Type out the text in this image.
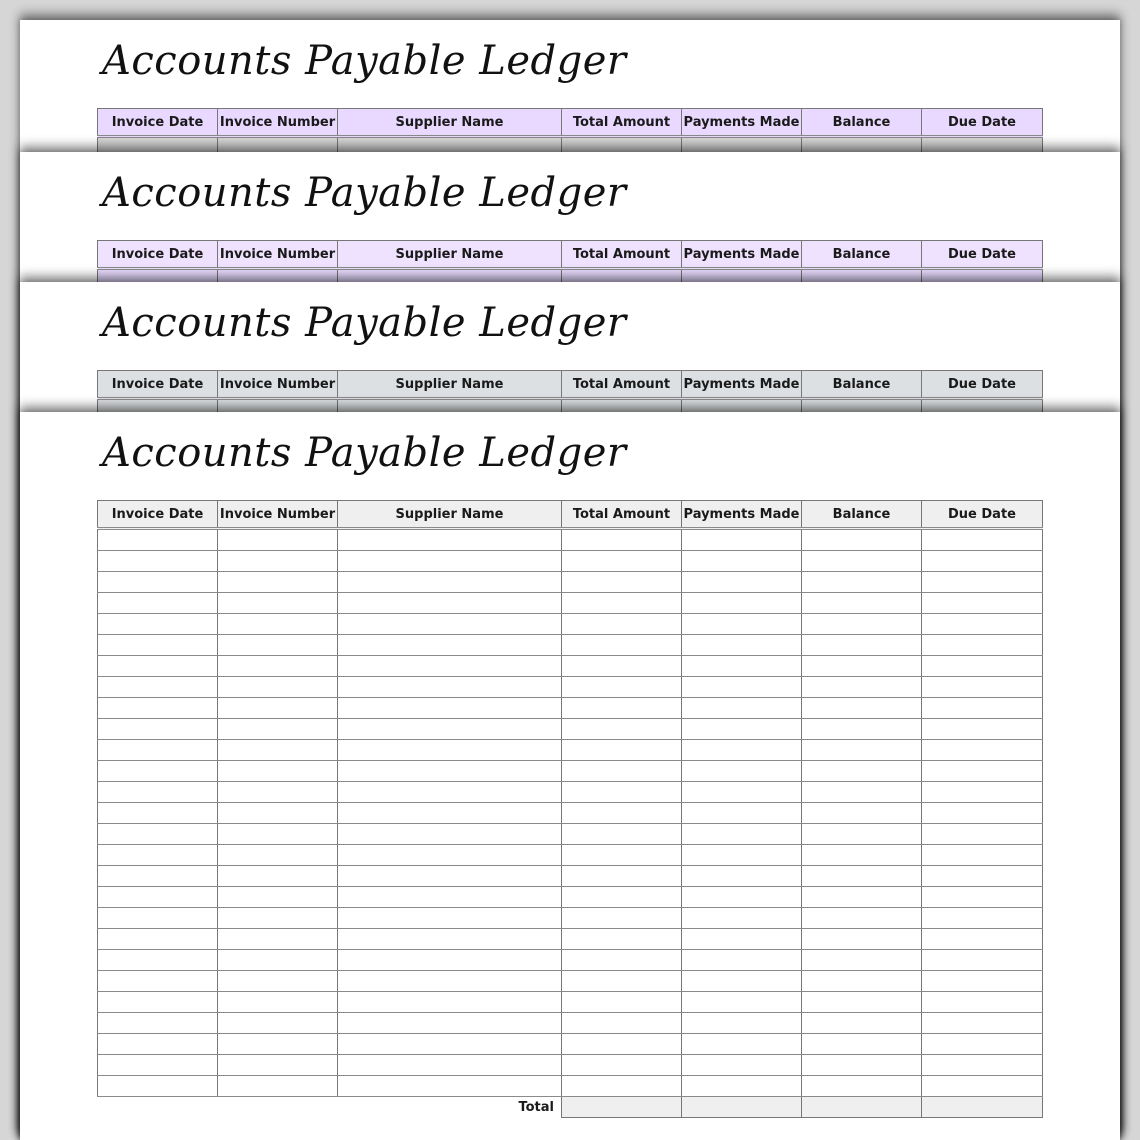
Accounts Payable Ledger
Invoice Date	Invoice Number	Supplier Name	Total Amount	Payments Made	Balance	Due Date

Accounts Payable Ledger
Invoice Date	Invoice Number	Supplier Name	Total Amount	Payments Made	Balance	Due Date

Accounts Payable Ledger
Invoice Date	Invoice Number	Supplier Name	Total Amount	Payments Made	Balance	Due Date

Accounts Payable Ledger
Invoice Date	Invoice Number	Supplier Name	Total Amount	Payments Made	Balance	Due Date

Total						
